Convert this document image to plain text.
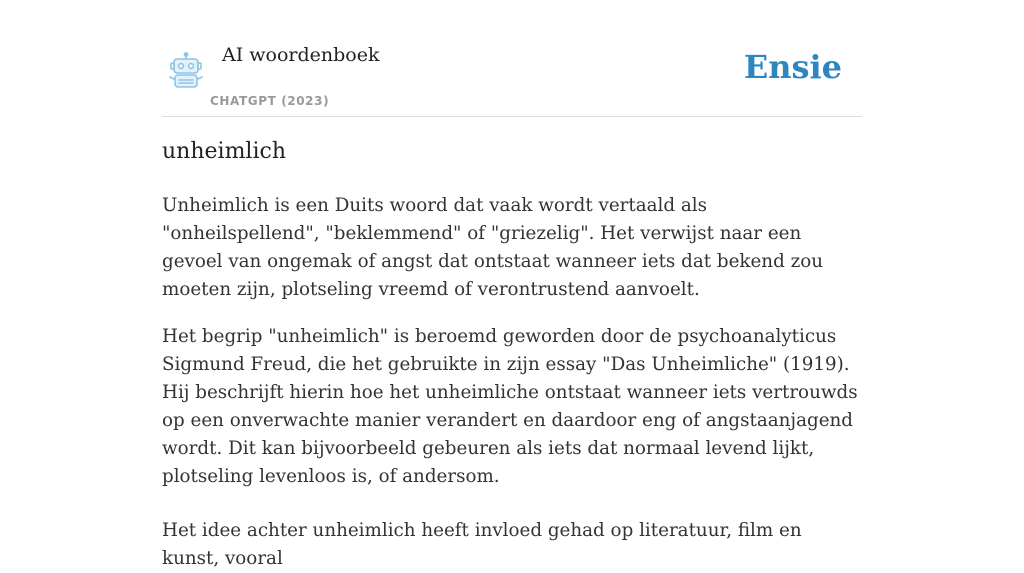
AI woordenboek
CHATGPT (2023)
Ensie
unheimlich

Unheimlich is een Duits woord dat vaak wordt vertaald als "onheilspellend", "beklemmend" of "griezelig". Het verwijst naar een gevoel van ongemak of angst dat ontstaat wanneer iets dat bekend zou moeten zijn, plotseling vreemd of verontrustend aanvoelt.

Het begrip "unheimlich" is beroemd geworden door de psychoanalyticus Sigmund Freud, die het gebruikte in zijn essay "Das Unheimliche" (1919). Hij beschrijft hierin hoe het unheimliche ontstaat wanneer iets vertrouwds op een onverwachte manier verandert en daardoor eng of angstaanjagend wordt. Dit kan bijvoorbeeld gebeuren als iets dat normaal levend lijkt, plotseling levenloos is, of andersom.

Het idee achter unheimlich heeft invloed gehad op literatuur, film en kunst, vooral
